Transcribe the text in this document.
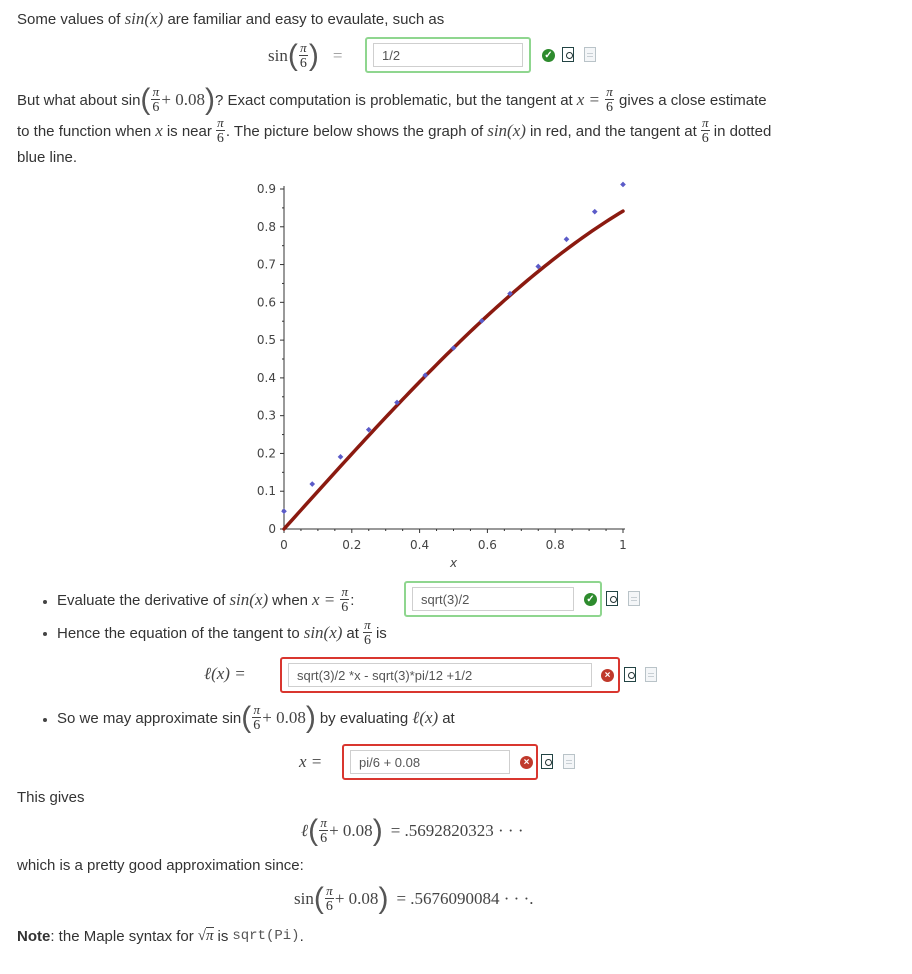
Some values of sin(x) are familiar and easy to evaulate, such as
sin ( $\frac{\pi}{6}$ ) =	1/2	✓
But what about sin ( $\frac{\pi}{6} + 0.08$ ) ? Exact computation is problematic, but the tangent at $x = \frac{\pi}{6}$ gives a close estimate
to the function when x is near $\frac{\pi}{6}$ . The picture below shows the graph of sin(x) in red, and the tangent at $\frac{\pi}{6}$ in dotted
blue line.
0
0.1
0.2
0.3
0.4
0.5
0.6
0.7
0.8
0.9
0	0.2	0.4	0.6	0.8	1
x
Evaluate the derivative of sin(x) when $x = \frac{\pi}{6}$ :	sqrt(3)/2	✓
Hence the equation of the tangent to sin(x) at $\frac{\pi}{6}$ is
ℓ(x) =	sqrt(3)/2 *x - sqrt(3)*pi/12 +1/2	×
So we may approximate sin ( $\frac{\pi}{6} + 0.08$ ) by evaluating ℓ(x) at
x =	pi/6 + 0.08	×
This gives
ℓ ( $\frac{\pi}{6} + 0.08$ ) = .5692820323 · · ·
which is a pretty good approximation since:
sin ( $\frac{\pi}{6} + 0.08$ ) = .5676090084 · · ·.
Note : the Maple syntax for √π is sqrt(Pi) .
